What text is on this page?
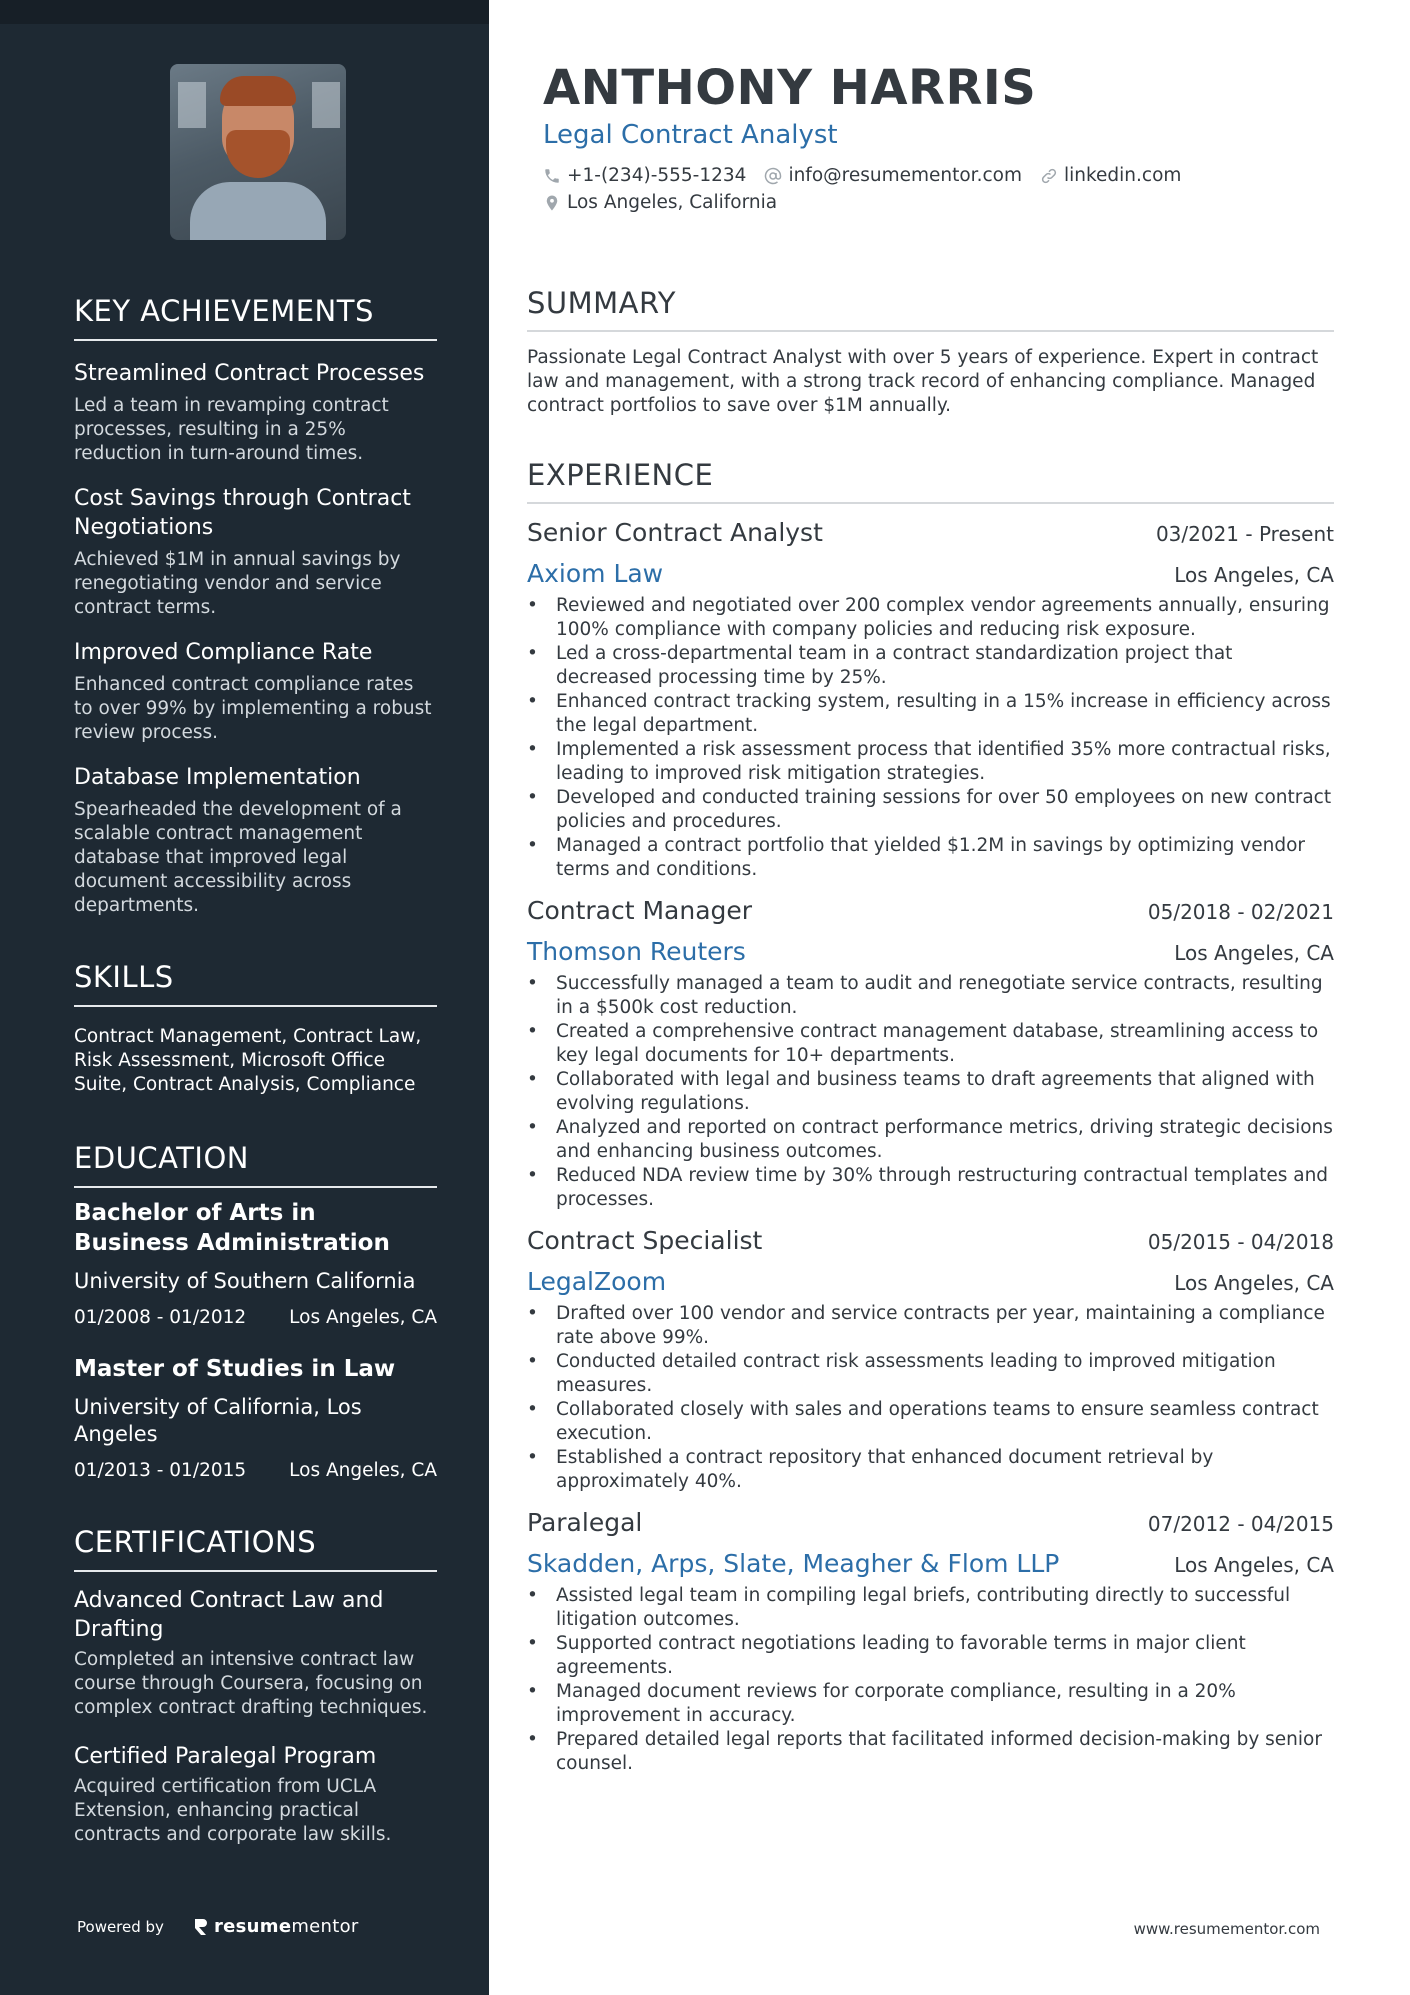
KEY ACHIEVEMENTS
Streamlined Contract Processes
Led a team in revamping contract processes, resulting in a 25% reduction in turn-around times.
Cost Savings through Contract Negotiations
Achieved $1M in annual savings by renegotiating vendor and service contract terms.
Improved Compliance Rate
Enhanced contract compliance rates to over 99% by implementing a robust review process.
Database Implementation
Spearheaded the development of a scalable contract management database that improved legal document accessibility across departments.
SKILLS
Contract Management, Contract Law, Risk Assessment, Microsoft Office Suite, Contract Analysis, Compliance
EDUCATION
Bachelor of Arts in Business Administration
University of Southern California
01/2008 - 01/2012 Los Angeles, CA
Master of Studies in Law
University of California, Los Angeles
01/2013 - 01/2015 Los Angeles, CA
CERTIFICATIONS
Advanced Contract Law and Drafting
Completed an intensive contract law course through Coursera, focusing on complex contract drafting techniques.
Certified Paralegal Program
Acquired certification from UCLA Extension, enhancing practical contracts and corporate law skills.
Powered by	resume mentor
ANTHONY HARRIS
Legal Contract Analyst
+1-(234)-555-1234 info@resumementor.com linkedin.com
Los Angeles, California
SUMMARY

Passionate Legal Contract Analyst with over 5 years of experience. Expert in contract law and management, with a strong track record of enhancing compliance. Managed contract portfolios to save over $1M annually.

EXPERIENCE
Senior Contract Analyst	03/2021 - Present
Axiom Law	Los Angeles, CA
• Reviewed and negotiated over 200 complex vendor agreements annually, ensuring 100% compliance with company policies and reducing risk exposure.
• Led a cross-departmental team in a contract standardization project that decreased processing time by 25%.
• Enhanced contract tracking system, resulting in a 15% increase in efficiency across the legal department.
• Implemented a risk assessment process that identified 35% more contractual risks, leading to improved risk mitigation strategies.
• Developed and conducted training sessions for over 50 employees on new contract policies and procedures.
• Managed a contract portfolio that yielded $1.2M in savings by optimizing vendor terms and conditions.
Contract Manager	05/2018 - 02/2021
Thomson Reuters	Los Angeles, CA
• Successfully managed a team to audit and renegotiate service contracts, resulting in a $500k cost reduction.
• Created a comprehensive contract management database, streamlining access to key legal documents for 10+ departments.
• Collaborated with legal and business teams to draft agreements that aligned with evolving regulations.
• Analyzed and reported on contract performance metrics, driving strategic decisions and enhancing business outcomes.
• Reduced NDA review time by 30% through restructuring contractual templates and processes.
Contract Specialist	05/2015 - 04/2018
LegalZoom	Los Angeles, CA
• Drafted over 100 vendor and service contracts per year, maintaining a compliance rate above 99%.
• Conducted detailed contract risk assessments leading to improved mitigation measures.
• Collaborated closely with sales and operations teams to ensure seamless contract execution.
• Established a contract repository that enhanced document retrieval by approximately 40%.
Paralegal	07/2012 - 04/2015
Skadden, Arps, Slate, Meagher & Flom LLP	Los Angeles, CA
• Assisted legal team in compiling legal briefs, contributing directly to successful litigation outcomes.
• Supported contract negotiations leading to favorable terms in major client agreements.
• Managed document reviews for corporate compliance, resulting in a 20% improvement in accuracy.
• Prepared detailed legal reports that facilitated informed decision-making by senior counsel.
www.resumementor.com
